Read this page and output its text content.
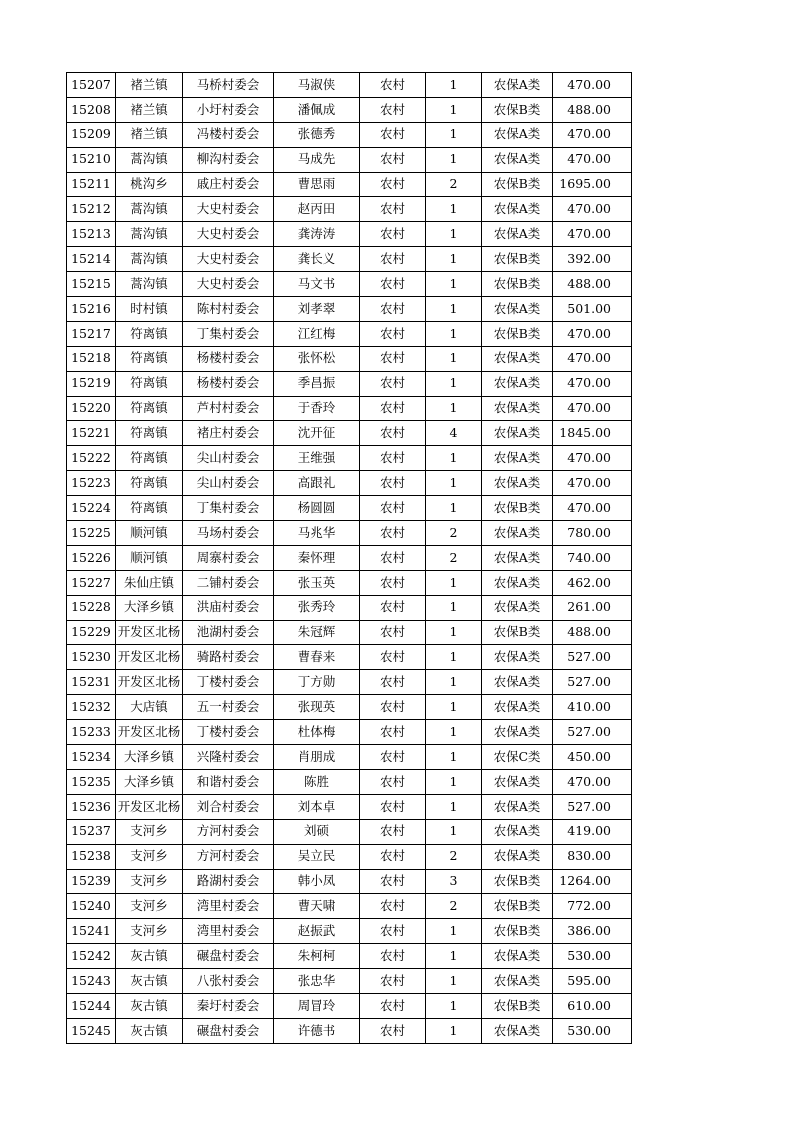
15207	褚兰镇	马桥村委会	马淑侠	农村	1	农保A类	470.00
15208	褚兰镇	小圩村委会	潘佩成	农村	1	农保B类	488.00
15209	褚兰镇	冯楼村委会	张德秀	农村	1	农保A类	470.00
15210	蒿沟镇	柳沟村委会	马成先	农村	1	农保A类	470.00
15211	桃沟乡	戚庄村委会	曹思雨	农村	2	农保B类	1695.00
15212	蒿沟镇	大史村委会	赵丙田	农村	1	农保A类	470.00
15213	蒿沟镇	大史村委会	龚涛涛	农村	1	农保A类	470.00
15214	蒿沟镇	大史村委会	龚长义	农村	1	农保B类	392.00
15215	蒿沟镇	大史村委会	马文书	农村	1	农保B类	488.00
15216	时村镇	陈村村委会	刘孝翠	农村	1	农保A类	501.00
15217	符离镇	丁集村委会	江红梅	农村	1	农保B类	470.00
15218	符离镇	杨楼村委会	张怀松	农村	1	农保A类	470.00
15219	符离镇	杨楼村委会	季昌振	农村	1	农保A类	470.00
15220	符离镇	芦村村委会	于香玲	农村	1	农保A类	470.00
15221	符离镇	褚庄村委会	沈开征	农村	4	农保A类	1845.00
15222	符离镇	尖山村委会	王维强	农村	1	农保A类	470.00
15223	符离镇	尖山村委会	高跟礼	农村	1	农保A类	470.00
15224	符离镇	丁集村委会	杨圆圆	农村	1	农保B类	470.00
15225	顺河镇	马场村委会	马兆华	农村	2	农保A类	780.00
15226	顺河镇	周寨村委会	秦怀理	农村	2	农保A类	740.00
15227	朱仙庄镇	二铺村委会	张玉英	农村	1	农保A类	462.00
15228	大泽乡镇	洪庙村委会	张秀玲	农村	1	农保A类	261.00
15229	开发区北杨	池湖村委会	朱冠辉	农村	1	农保B类	488.00
15230	开发区北杨	骑路村委会	曹春来	农村	1	农保A类	527.00
15231	开发区北杨	丁楼村委会	丁方勋	农村	1	农保A类	527.00
15232	大店镇	五一村委会	张现英	农村	1	农保A类	410.00
15233	开发区北杨	丁楼村委会	杜体梅	农村	1	农保A类	527.00
15234	大泽乡镇	兴隆村委会	肖朋成	农村	1	农保C类	450.00
15235	大泽乡镇	和谐村委会	陈胜	农村	1	农保A类	470.00
15236	开发区北杨	刘合村委会	刘本卓	农村	1	农保A类	527.00
15237	支河乡	方河村委会	刘硕	农村	1	农保A类	419.00
15238	支河乡	方河村委会	吴立民	农村	2	农保A类	830.00
15239	支河乡	路湖村委会	韩小凤	农村	3	农保B类	1264.00
15240	支河乡	湾里村委会	曹天啸	农村	2	农保B类	772.00
15241	支河乡	湾里村委会	赵振武	农村	1	农保B类	386.00
15242	灰古镇	碾盘村委会	朱柯柯	农村	1	农保A类	530.00
15243	灰古镇	八张村委会	张忠华	农村	1	农保A类	595.00
15244	灰古镇	秦圩村委会	周冒玲	农村	1	农保B类	610.00
15245	灰古镇	碾盘村委会	许德书	农村	1	农保A类	530.00
